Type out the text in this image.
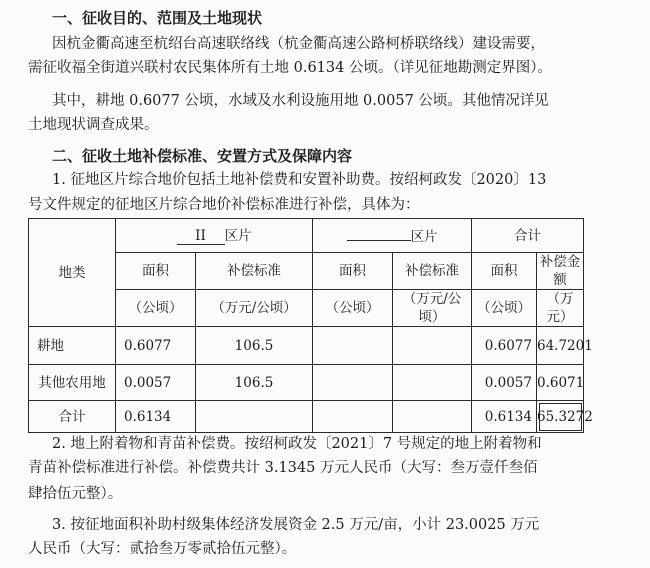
一、征收目的、范围及土地现状
因杭金衢高速至杭绍台高速联络线（杭金衢高速公路柯桥联络线）建设需要，
需征收福全街道兴联村农民集体所有土地 0.6134 公顷。（详见征地勘测定界图）。
其中，耕地 0.6077 公顷，水域及水利设施用地 0.0057 公顷。其他情况详见
土地现状调查成果。
二、征收土地补偿标准、安置方式及保障内容
1. 征地区片综合地价包括土地补偿费和安置补助费。按绍柯政发〔2020〕13
号文件规定的征地区片综合地价补偿标准进行补偿，具体为：
地类	II 区片		区片		合计	
	面积	补偿标准	面积	补偿标准	面积	补偿金额
	（公顷）	（万元/公顷）	（公顷）	（万元/公顷）	（公顷）	（万元）
耕地	0.6077	106.5			0.6077	64.7201
其他农用地	0.0057	106.5			0.0057	0.6071
合计	0.6134				0.6134	65.3272
2. 地上附着物和青苗补偿费。按绍柯政发〔2021〕7 号规定的地上附着物和
青苗补偿标准进行补偿。补偿费共计 3.1345 万元人民币（大写：叁万壹仟叁佰
肆拾伍元整）。
3. 按征地面积补助村级集体经济发展资金 2.5 万元/亩，小计 23.0025 万元
人民币（大写：贰拾叁万零贰拾伍元整）。
